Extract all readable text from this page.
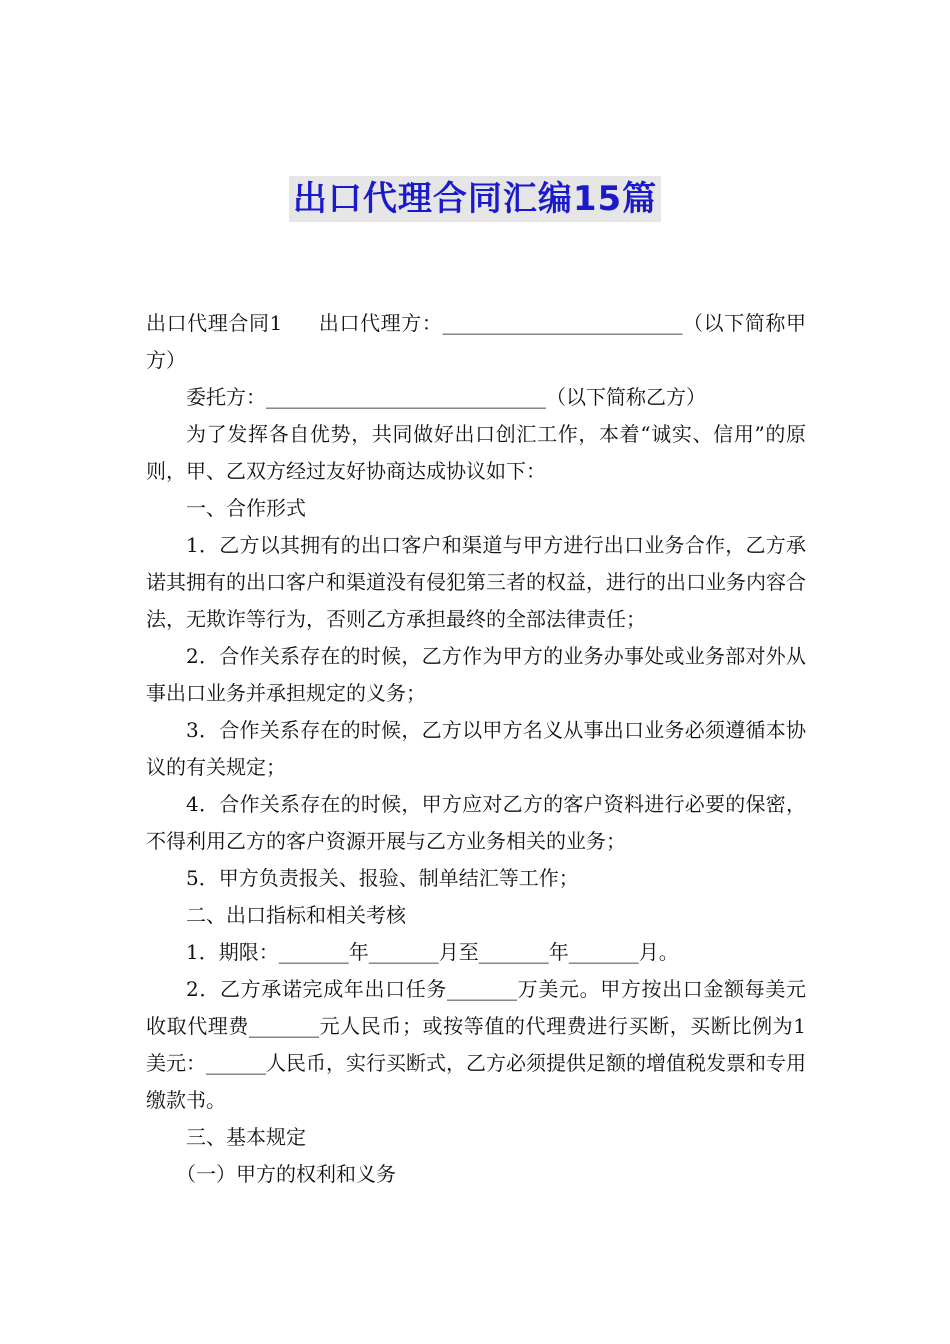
出口代理合同汇编15篇

出口代理合同1 出口代理方：________________________（以下简称甲方）

委托方：____________________________（以下简称乙方）

为了发挥各自优势，共同做好出口创汇工作，本着“诚实、信用”的原则，甲、乙双方经过友好协商达成协议如下：

一、合作形式

1．乙方以其拥有的出口客户和渠道与甲方进行出口业务合作，乙方承诺其拥有的出口客户和渠道没有侵犯第三者的权益，进行的出口业务内容合法，无欺诈等行为，否则乙方承担最终的全部法律责任；

2．合作关系存在的时候，乙方作为甲方的业务办事处或业务部对外从事出口业务并承担规定的义务；

3．合作关系存在的时候，乙方以甲方名义从事出口业务必须遵循本协议的有关规定；

4．合作关系存在的时候，甲方应对乙方的客户资料进行必要的保密，不得利用乙方的客户资源开展与乙方业务相关的业务；

5．甲方负责报关、报验、制单结汇等工作；

二、出口指标和相关考核

1．期限：_______年_______月至_______年_______月。

2．乙方承诺完成年出口任务_______万美元。甲方按出口金额每美元收取代理费_______元人民币；或按等值的代理费进行买断，买断比例为1美元：______人民币，实行买断式，乙方必须提供足额的增值税发票和专用缴款书。

三、基本规定

（一）甲方的权利和义务
